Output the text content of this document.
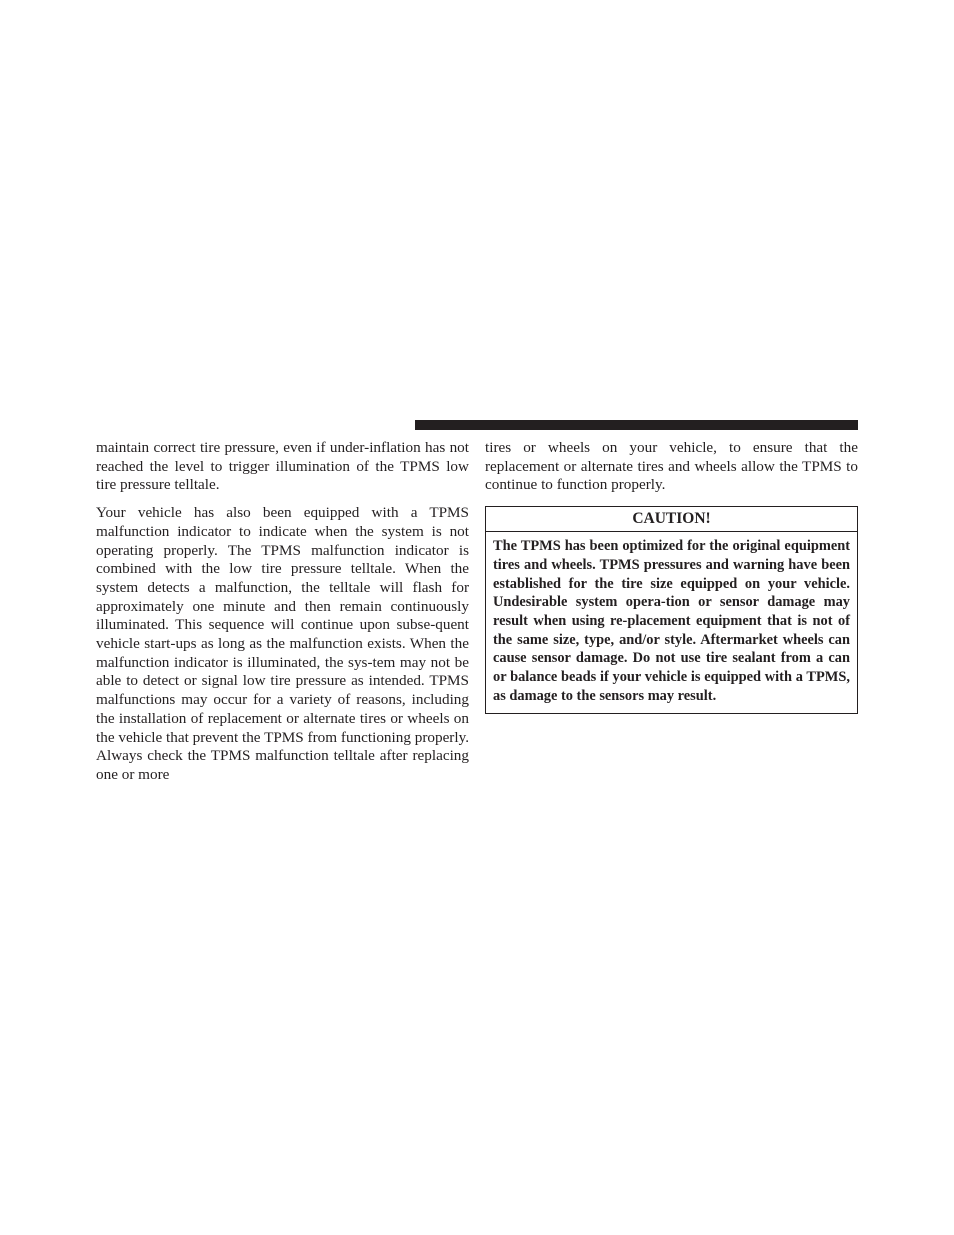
maintain correct tire pressure, even if under-inflation has not reached the level to trigger illumination of the TPMS low tire pressure telltale.

Your vehicle has also been equipped with a TPMS malfunction indicator to indicate when the system is not operating properly. The TPMS malfunction indicator is combined with the low tire pressure telltale. When the system detects a malfunction, the telltale will flash for approximately one minute and then remain continuously illuminated. This sequence will continue upon subse-quent vehicle start-ups as long as the malfunction exists. When the malfunction indicator is illuminated, the sys-tem may not be able to detect or signal low tire pressure as intended. TPMS malfunctions may occur for a variety of reasons, including the installation of replacement or alternate tires or wheels on the vehicle that prevent the TPMS from functioning properly. Always check the TPMS malfunction telltale after replacing one or more

tires or wheels on your vehicle, to ensure that the replacement or alternate tires and wheels allow the TPMS to continue to function properly.

CAUTION!

The TPMS has been optimized for the original equipment tires and wheels. TPMS pressures and warning have been established for the tire size equipped on your vehicle. Undesirable system opera-tion or sensor damage may result when using re-placement equipment that is not of the same size, type, and/or style. Aftermarket wheels can cause sensor damage. Do not use tire sealant from a can or balance beads if your vehicle is equipped with a TPMS, as damage to the sensors may result.
